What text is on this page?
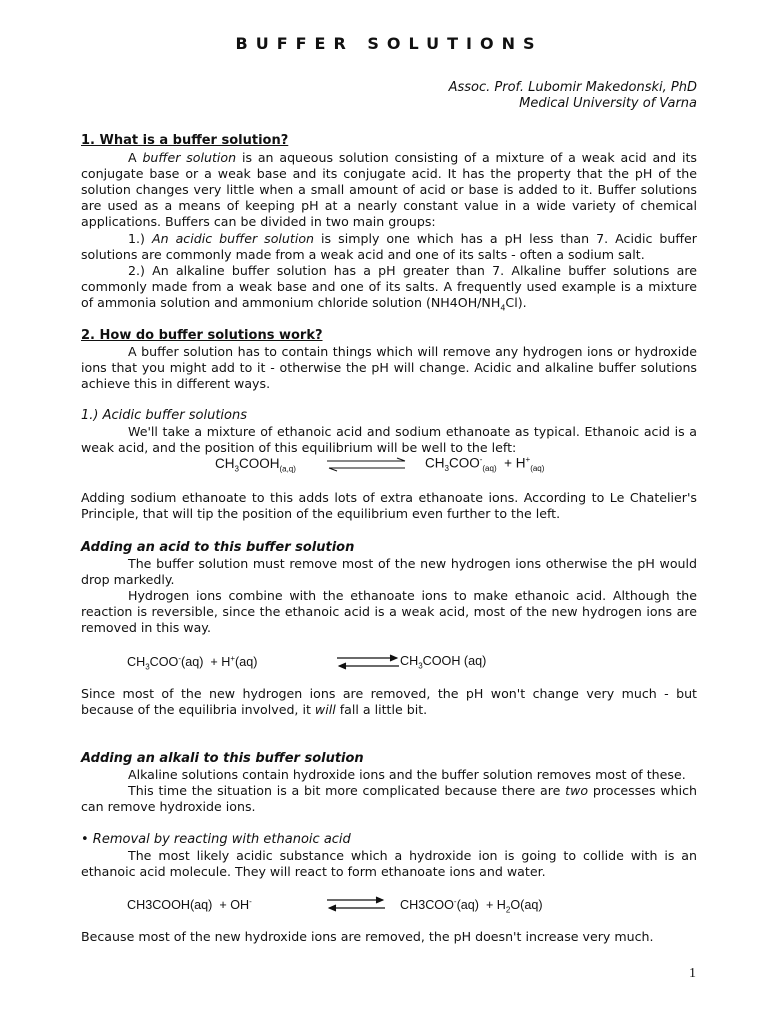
BUFFER SOLUTIONS
Assoc. Prof. Lubomir Makedonski, PhD
Medical University of Varna
1. What is a buffer solution?
A buffer solution is an aqueous solution consisting of a mixture of a weak acid and its conjugate base or a weak base and its conjugate acid. It has the property that the pH of the solution changes very little when a small amount of acid or base is added to it. Buffer solutions are used as a means of keeping pH at a nearly constant value in a wide variety of chemical applications. Buffers can be divided in two main groups:
1.) An acidic buffer solution is simply one which has a pH less than 7. Acidic buffer solutions are commonly made from a weak acid and one of its salts - often a sodium salt.
2.) An alkaline buffer solution has a pH greater than 7. Alkaline buffer solutions are commonly made from a weak base and one of its salts. A frequently used example is a mixture of ammonia solution and ammonium chloride solution $(NH4OH/NH_4Cl)$.
2. How do buffer solutions work?
A buffer solution has to contain things which will remove any hydrogen ions or hydroxide ions that you might add to it - otherwise the pH will change. Acidic and alkaline buffer solutions achieve this in different ways.
1.) Acidic buffer solutions
We'll take a mixture of ethanoic acid and sodium ethanoate as typical. Ethanoic acid is a weak acid, and the position of this equilibrium will be well to the left:
$CH_3COOH_{(a,q)}$	$CH_3COO^-_{(aq)} + H^+_{(aq)}$
Adding sodium ethanoate to this adds lots of extra ethanoate ions. According to Le Chatelier's Principle, that will tip the position of the equilibrium even further to the left.
Adding an acid to this buffer solution
The buffer solution must remove most of the new hydrogen ions otherwise the pH would drop markedly.
Hydrogen ions combine with the ethanoate ions to make ethanoic acid. Although the reaction is reversible, since the ethanoic acid is a weak acid, most of the new hydrogen ions are removed in this way.
$CH_3COO^-(aq) + H^+(aq)$	$CH_3COOH$ (aq)
Since most of the new hydrogen ions are removed, the pH won't change very much - but because of the equilibria involved, it will fall a little bit.
Adding an alkali to this buffer solution
Alkaline solutions contain hydroxide ions and the buffer solution removes most of these.
This time the situation is a bit more complicated because there are two processes which can remove hydroxide ions.
• Removal by reacting with ethanoic acid
The most likely acidic substance which a hydroxide ion is going to collide with is an ethanoic acid molecule. They will react to form ethanoate ions and water.
CH3COOH(aq)  + OH-	$CH3COO^-(aq) + H_2O(aq)$
Because most of the new hydroxide ions are removed, the pH doesn't increase very much.
1
